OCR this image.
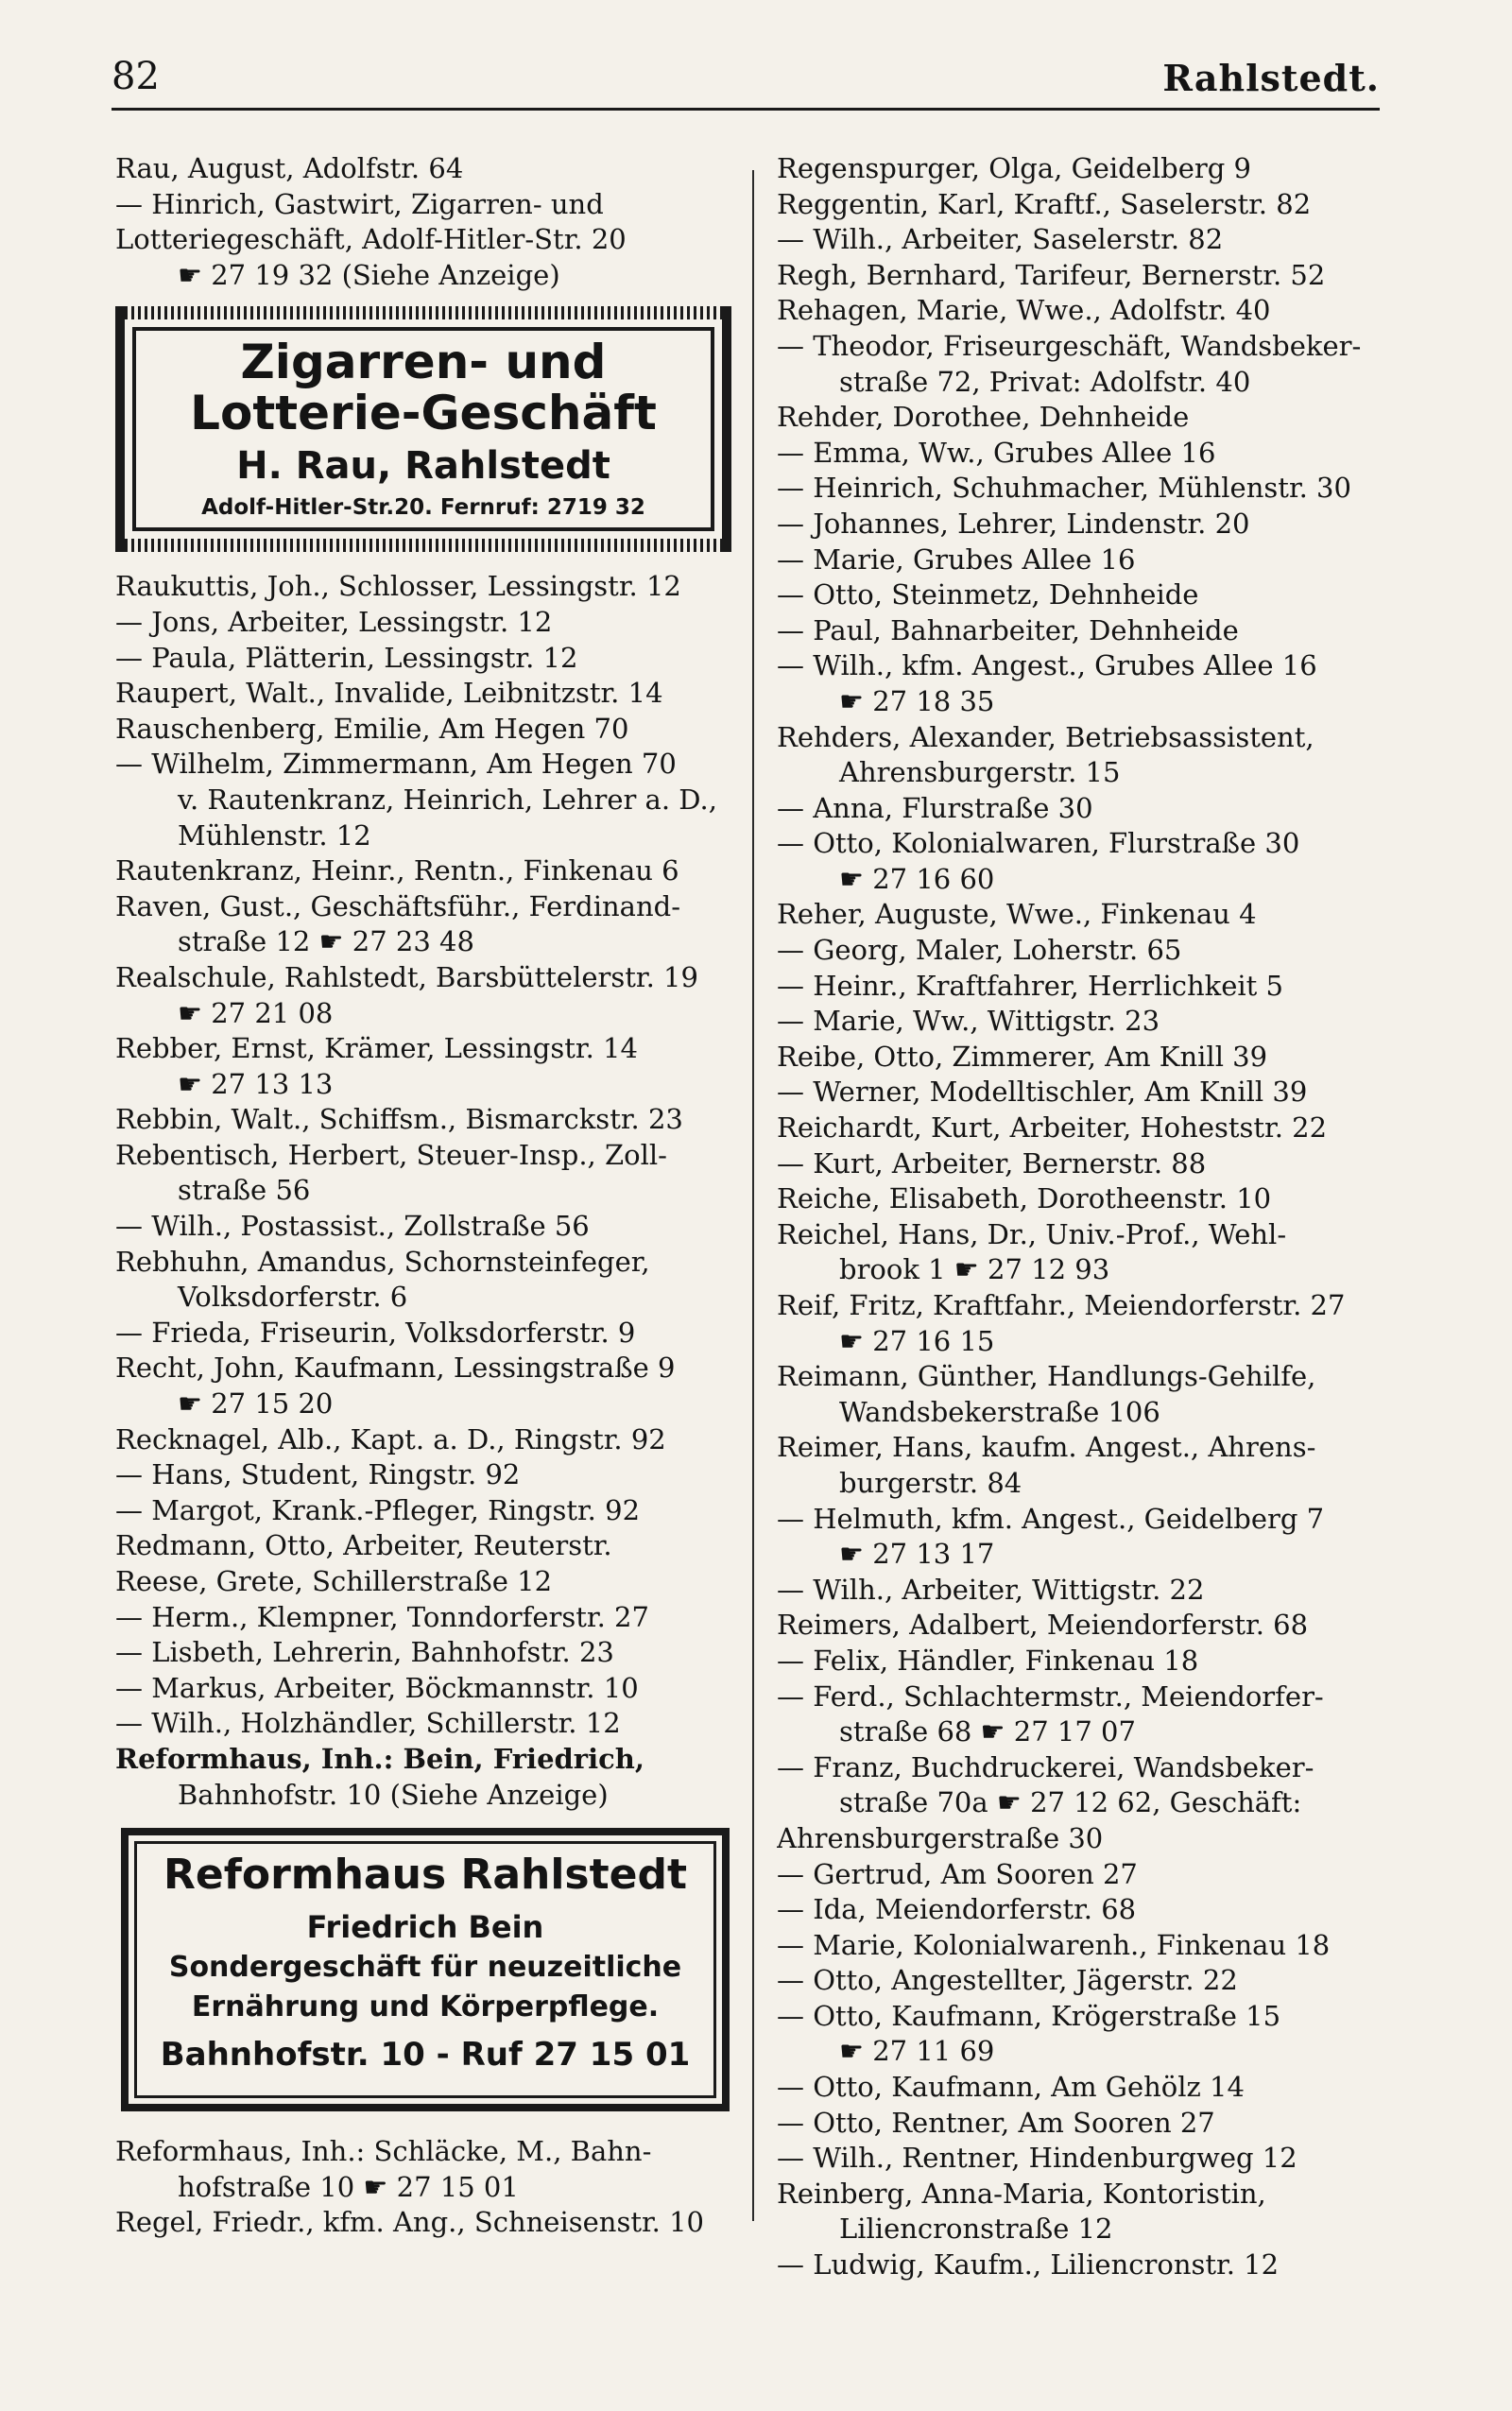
82	Rahlstedt.
Rau, August, Adolfstr. 64
— Hinrich, Gastwirt, Zigarren- und
Lotteriegeschäft, Adolf-Hitler-Str. 20
☛ 27 19 32 (Siehe Anzeige)
Zigarren- und
Lotterie-Geschäft
H. Rau, Rahlstedt
Adolf-Hitler-Str.20. Fernruf: 2719 32
Raukuttis, Joh., Schlosser, Lessingstr. 12
— Jons, Arbeiter, Lessingstr. 12
— Paula, Plätterin, Lessingstr. 12
Raupert, Walt., Invalide, Leibnitzstr. 14
Rauschenberg, Emilie, Am Hegen 70
— Wilhelm, Zimmermann, Am Hegen 70
v. Rautenkranz, Heinrich, Lehrer a. D.,
Mühlenstr. 12
Rautenkranz, Heinr., Rentn., Finkenau 6
Raven, Gust., Geschäftsführ., Ferdinand-
straße 12 ☛ 27 23 48
Realschule, Rahlstedt, Barsbüttelerstr. 19
☛ 27 21 08
Rebber, Ernst, Krämer, Lessingstr. 14
☛ 27 13 13
Rebbin, Walt., Schiffsm., Bismarckstr. 23
Rebentisch, Herbert, Steuer-Insp., Zoll-
straße 56
— Wilh., Postassist., Zollstraße 56
Rebhuhn, Amandus, Schornsteinfeger,
Volksdorferstr. 6
— Frieda, Friseurin, Volksdorferstr. 9
Recht, John, Kaufmann, Lessingstraße 9
☛ 27 15 20
Recknagel, Alb., Kapt. a. D., Ringstr. 92
— Hans, Student, Ringstr. 92
— Margot, Krank.-Pfleger, Ringstr. 92
Redmann, Otto, Arbeiter, Reuterstr.
Reese, Grete, Schillerstraße 12
— Herm., Klempner, Tonndorferstr. 27
— Lisbeth, Lehrerin, Bahnhofstr. 23
— Markus, Arbeiter, Böckmannstr. 10
— Wilh., Holzhändler, Schillerstr. 12
Reformhaus, Inh.: Bein, Friedrich,
Bahnhofstr. 10 (Siehe Anzeige)
Reformhaus Rahlstedt
Friedrich Bein
Sondergeschäft für neuzeitliche
Ernährung und Körperpflege.
Bahnhofstr. 10 - Ruf 27 15 01
Reformhaus, Inh.: Schläcke, M., Bahn-
hofstraße 10 ☛ 27 15 01
Regel, Friedr., kfm. Ang., Schneisenstr. 10
Regenspurger, Olga, Geidelberg 9
Reggentin, Karl, Kraftf., Saselerstr. 82
— Wilh., Arbeiter, Saselerstr. 82
Regh, Bernhard, Tarifeur, Bernerstr. 52
Rehagen, Marie, Wwe., Adolfstr. 40
— Theodor, Friseurgeschäft, Wandsbeker-
straße 72, Privat: Adolfstr. 40
Rehder, Dorothee, Dehnheide
— Emma, Ww., Grubes Allee 16
— Heinrich, Schuhmacher, Mühlenstr. 30
— Johannes, Lehrer, Lindenstr. 20
— Marie, Grubes Allee 16
— Otto, Steinmetz, Dehnheide
— Paul, Bahnarbeiter, Dehnheide
— Wilh., kfm. Angest., Grubes Allee 16
☛ 27 18 35
Rehders, Alexander, Betriebsassistent,
Ahrensburgerstr. 15
— Anna, Flurstraße 30
— Otto, Kolonialwaren, Flurstraße 30
☛ 27 16 60
Reher, Auguste, Wwe., Finkenau 4
— Georg, Maler, Loherstr. 65
— Heinr., Kraftfahrer, Herrlichkeit 5
— Marie, Ww., Wittigstr. 23
Reibe, Otto, Zimmerer, Am Knill 39
— Werner, Modelltischler, Am Knill 39
Reichardt, Kurt, Arbeiter, Hoheststr. 22
— Kurt, Arbeiter, Bernerstr. 88
Reiche, Elisabeth, Dorotheenstr. 10
Reichel, Hans, Dr., Univ.-Prof., Wehl-
brook 1 ☛ 27 12 93
Reif, Fritz, Kraftfahr., Meiendorferstr. 27
☛ 27 16 15
Reimann, Günther, Handlungs-Gehilfe,
Wandsbekerstraße 106
Reimer, Hans, kaufm. Angest., Ahrens-
burgerstr. 84
— Helmuth, kfm. Angest., Geidelberg 7
☛ 27 13 17
— Wilh., Arbeiter, Wittigstr. 22
Reimers, Adalbert, Meiendorferstr. 68
— Felix, Händler, Finkenau 18
— Ferd., Schlachtermstr., Meiendorfer-
straße 68 ☛ 27 17 07
— Franz, Buchdruckerei, Wandsbeker-
straße 70a ☛ 27 12 62, Geschäft:
Ahrensburgerstraße 30
— Gertrud, Am Sooren 27
— Ida, Meiendorferstr. 68
— Marie, Kolonialwarenh., Finkenau 18
— Otto, Angestellter, Jägerstr. 22
— Otto, Kaufmann, Krögerstraße 15
☛ 27 11 69
— Otto, Kaufmann, Am Gehölz 14
— Otto, Rentner, Am Sooren 27
— Wilh., Rentner, Hindenburgweg 12
Reinberg, Anna-Maria, Kontoristin,
Liliencronstraße 12
— Ludwig, Kaufm., Liliencronstr. 12
